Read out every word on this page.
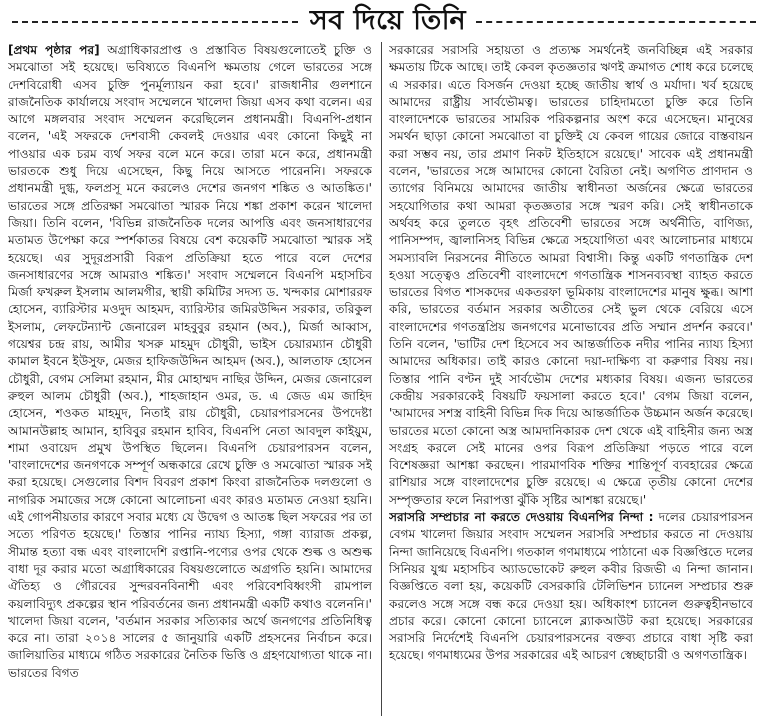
সব দিয়ে তিনি

[প্রথম পৃষ্ঠার পর] অগ্রাধিকারপ্রাপ্ত ও প্রস্তাবিত বিষয়গুলোতেই চুক্তি ও সমঝোতা সই হয়েছে। ভবিষ্যতে বিএনপি ক্ষমতায় গেলে ভারতের সঙ্গে দেশবিরোধী এসব চুক্তি পুনর্মূল্যায়ন করা হবে।' রাজধানীর গুলশানে রাজনৈতিক কার্যালয়ে সংবাদ সম্মেলনে খালেদা জিয়া এসব কথা বলেন। এর আগে মঙ্গলবার সংবাদ সম্মেলন করেছিলেন প্রধানমন্ত্রী। বিএনপি-প্রধান বলেন, 'এই সফরকে দেশবাসী কেবলই দেওয়ার এবং কোনো কিছুই না পাওয়ার এক চরম ব্যর্থ সফর বলে মনে করে। তারা মনে করে, প্রধানমন্ত্রী ভারতকে শুধু দিয়ে এসেছেন, কিছু নিয়ে আসতে পারেননি। সফরকে প্রধানমন্ত্রী দুগ্ধ, ফলপ্রসূ মনে করলেও দেশের জনগণ শঙ্কিত ও আতঙ্কিত।' ভারতের সঙ্গে প্রতিরক্ষা সমঝোতা স্মারক নিয়ে শঙ্কা প্রকাশ করেন খালেদা জিয়া। তিনি বলেন, 'বিভিন্ন রাজনৈতিক দলের আপত্তি এবং জনসাধারণের মতামত উপেক্ষা করে স্পর্শকাতর বিষয়ে বেশ কয়েকটি সমঝোতা স্মারক সই হয়েছে। এর সুদূরপ্রসারী বিরূপ প্রতিক্রিয়া হতে পারে বলে দেশের জনসাধারণের সঙ্গে আমরাও শঙ্কিত।' সংবাদ সম্মেলনে বিএনপি মহাসচিব মির্জা ফখরুল ইসলাম আলমগীর, স্থায়ী কমিটির সদস্য ড. খন্দকার মোশাররফ হোসেন, ব্যারিস্টার মওদুদ আহমদ, ব্যারিস্টার জমিরউদ্দিন সরকার, তরিকুল ইসলাম, লেফটেন্যান্ট জেনারেল মাহবুবুর রহমান (অব.), মির্জা আব্বাস, গয়েশ্বর চন্দ্র রায়, আমীর খসরু মাহমুদ চৌধুরী, ভাইস চেয়ারম্যান চৌধুরী কামাল ইবনে ইউসুফ, মেজর হাফিজউদ্দিন আহমদ (অব.), আলতাফ হোসেন চৌধুরী, বেগম সেলিমা রহমান, মীর মোহাম্মদ নাছির উদ্দিন, মেজর জেনারেল রুহুল আলম চৌধুরী (অব.), শাহজাহান ওমর, ড. এ জেড এম জাহিদ হোসেন, শওকত মাহমুদ, নিতাই রায় চৌধুরী, চেয়ারপারসনের উপদেষ্টা আমানউল্লাহ আমান, হাবিবুর রহমান হাবিব, বিএনপি নেতা আবদুল কাইয়ুম, শামা ওবায়েদ প্রমুখ উপস্থিত ছিলেন। বিএনপি চেয়ারপারসন বলেন, 'বাংলাদেশের জনগণকে সম্পূর্ণ অন্ধকারে রেখে চুক্তি ও সমঝোতা স্মারক সই করা হয়েছে। সেগুলোর বিশদ বিবরণ প্রকাশ কিংবা রাজনৈতিক দলগুলো ও নাগরিক সমাজের সঙ্গে কোনো আলোচনা এবং কারও মতামত নেওয়া হয়নি। এই গোপনীয়তার কারণে সবার মধ্যে যে উদ্বেগ ও আতঙ্ক ছিল সফরের পর তা সত্যে পরিণত হয়েছে।' তিস্তার পানির ন্যায্য হিস্যা, গঙ্গা ব্যারাজ প্রকল্প, সীমান্ত হত্যা বন্ধ এবং বাংলাদেশি রপ্তানি-পণ্যের ওপর থেকে শুল্ক ও অশুল্ক বাধা দূর করার মতো অগ্রাধিকারের বিষয়গুলোতে অগ্রগতি হয়নি। আমাদের ঐতিহ্য ও গৌরবের সুন্দরবনবিনাশী এবং পরিবেশবিধ্বংসী রামপাল কয়লাবিদ্যুৎ প্রকল্পের স্থান পরিবর্তনের জন্য প্রধানমন্ত্রী একটি কথাও বলেননি।' খালেদা জিয়া বলেন, 'বর্তমান সরকার সত্যিকার অর্থে জনগণের প্রতিনিধিত্ব করে না। তারা ২০১৪ সালের ৫ জানুয়ারি একটি প্রহসনের নির্বাচন করে। জালিয়াতির মাধ্যমে গঠিত সরকারের নৈতিক ভিত্তি ও গ্রহণযোগ্যতা থাকে না। ভারতের বিগত

সরকারের সরাসরি সহায়তা ও প্রত্যক্ষ সমর্থনেই জনবিচ্ছিন্ন এই সরকার ক্ষমতায় টিকে আছে। তাই কেবল কৃতজ্ঞতার ঋণই ক্রমাগত শোধ করে চলেছে এ সরকার। এতে বিসর্জন দেওয়া হচ্ছে জাতীয় স্বার্থ ও মর্যাদা। খর্ব হয়েছে আমাদের রাষ্ট্রীয় সার্বভৌমত্ব। ভারতের চাহিদামতো চুক্তি করে তিনি বাংলাদেশকে ভারতের সামরিক পরিকল্পনার অংশ করে এসেছেন। মানুষের সমর্থন ছাড়া কোনো সমঝোতা বা চুক্তিই যে কেবল গায়ের জোরে বাস্তবায়ন করা সম্ভব নয়, তার প্রমাণ নিকট ইতিহাসে রয়েছে।' সাবেক এই প্রধানমন্ত্রী বলেন, 'ভারতের সঙ্গে আমাদের কোনো বৈরিতা নেই। অগণিত প্রাণদান ও ত্যাগের বিনিময়ে আমাদের জাতীয় স্বাধীনতা অর্জনের ক্ষেত্রে ভারতের সহযোগিতার কথা আমরা কৃতজ্ঞতার সঙ্গে স্মরণ করি। সেই স্বাধীনতাকে অর্থবহ করে তুলতে বৃহৎ প্রতিবেশী ভারতের সঙ্গে অর্থনীতি, বাণিজ্য, পানিসম্পদ, জ্বালানিসহ বিভিন্ন ক্ষেত্রে সহযোগিতা এবং আলোচনার মাধ্যমে সমস্যাবলি নিরসনের নীতিতে আমরা বিশ্বাসী। কিন্তু একটি গণতান্ত্রিক দেশ হওয়া সত্ত্বেও প্রতিবেশী বাংলাদেশে গণতান্ত্রিক শাসনব্যবস্থা ব্যাহত করতে ভারতের বিগত শাসকদের একতরফা ভূমিকায় বাংলাদেশের মানুষ ক্ষুব্ধ। আশা করি, ভারতের বর্তমান সরকার অতীতের সেই ভুল থেকে বেরিয়ে এসে বাংলাদেশের গণতন্ত্রপ্রিয় জনগণের মনোভাবের প্রতি সম্মান প্রদর্শন করবে।' তিনি বলেন, 'ভাটির দেশ হিসেবে সব আন্তর্জাতিক নদীর পানির ন্যায্য হিস্যা আমাদের অধিকার। তাই কারও কোনো দয়া-দাক্ষিণ্য বা করুণার বিষয় নয়। তিস্তার পানি বণ্টন দুই সার্বভৌম দেশের মধ্যকার বিষয়। এজন্য ভারতের কেন্দ্রীয় সরকারকেই বিষয়টি ফয়সালা করতে হবে।' বেগম জিয়া বলেন, 'আমাদের সশস্ত্র বাহিনী বিভিন্ন দিক দিয়ে আন্তর্জাতিক উচ্চমান অর্জন করেছে। ভারতের মতো কোনো অস্ত্র আমদানিকারক দেশ থেকে এই বাহিনীর জন্য অস্ত্র সংগ্রহ করলে সেই মানের ওপর বিরূপ প্রতিক্রিয়া পড়তে পারে বলে বিশেষজ্ঞরা আশঙ্কা করছেন। পারমাণবিক শক্তির শান্তিপূর্ণ ব্যবহারের ক্ষেত্রে রাশিয়ার সঙ্গে বাংলাদেশের চুক্তি রয়েছে। এ ক্ষেত্রে তৃতীয় কোনো দেশের সম্পৃক্ততার ফলে নিরাপত্তা ঝুঁকি সৃষ্টির আশঙ্কা রয়েছে।'

সরাসরি সম্প্রচার না করতে দেওয়ায় বিএনপির নিন্দা : দলের চেয়ারপারসন বেগম খালেদা জিয়ার সংবাদ সম্মেলন সরাসরি সম্প্রচার করতে না দেওয়ায় নিন্দা জানিয়েছে বিএনপি। গতকাল গণমাধ্যমে পাঠানো এক বিজ্ঞপ্তিতে দলের সিনিয়র যুগ্ম মহাসচিব অ্যাডভোকেট রুহুল কবীর রিজভী এ নিন্দা জানান। বিজ্ঞপ্তিতে বলা হয়, কয়েকটি বেসরকারি টেলিভিশন চ্যানেল সম্প্রচার শুরু করলেও সঙ্গে সঙ্গে বন্ধ করে দেওয়া হয়। অধিকাংশ চ্যানেল গুরুত্বহীনভাবে প্রচার করে। কোনো কোনো চ্যানেলে ব্ল্যাকআউট করা হয়েছে। সরকারের সরাসরি নির্দেশেই বিএনপি চেয়ারপারসনের বক্তব্য প্রচারে বাধা সৃষ্টি করা হয়েছে। গণমাধ্যমের উপর সরকারের এই আচরণ স্বেচ্ছাচারী ও অগণতান্ত্রিক।
